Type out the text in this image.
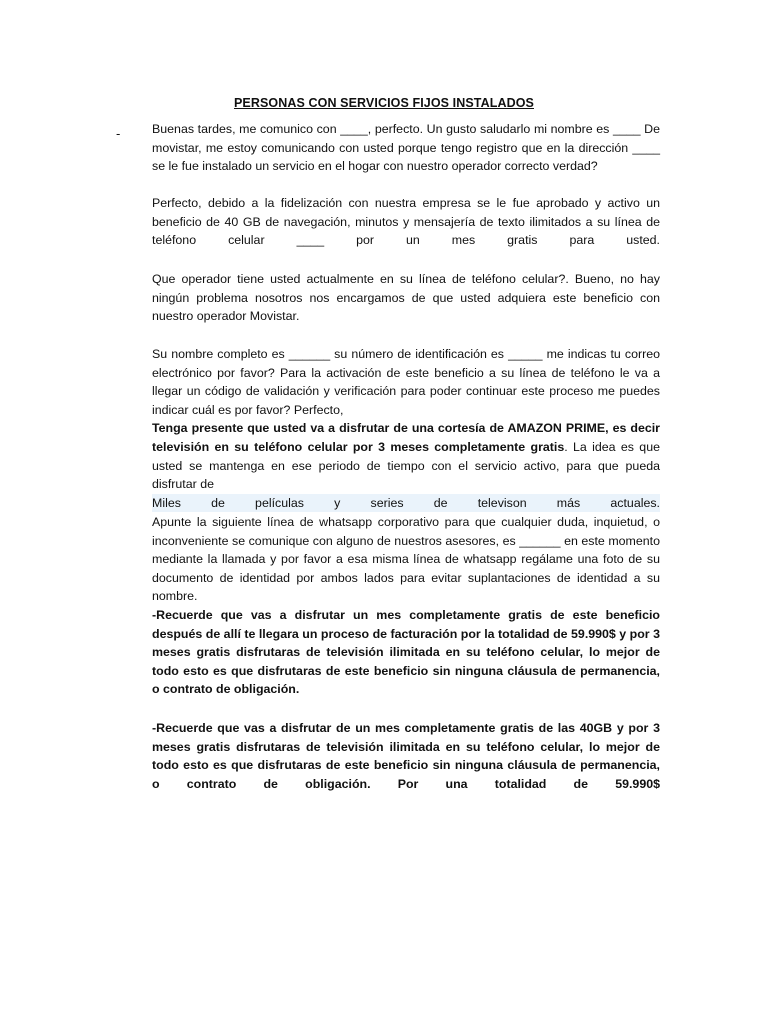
PERSONAS CON SERVICIOS FIJOS INSTALADOS
-	Buenas tardes, me comunico con ____, perfecto. Un gusto saludarlo mi nombre es ____ De movistar, me estoy comunicando con usted porque tengo registro que en la dirección ____ se le fue instalado un servicio en el hogar con nuestro operador correcto verdad?

Perfecto, debido a la fidelización con nuestra empresa se le fue aprobado y activo un beneficio de 40 GB de navegación, minutos y mensajería de texto ilimitados a su línea de teléfono celular ____ por un mes gratis para usted.

Que operador tiene usted actualmente en su línea de teléfono celular?. Bueno, no hay ningún problema nosotros nos encargamos de que usted adquiera este beneficio con nuestro operador Movistar.

Su nombre completo es ______ su número de identificación es _____ me indicas tu correo electrónico por favor? Para la activación de este beneficio a su línea de teléfono le va a llegar un código de validación y verificación para poder continuar este proceso me puedes indicar cuál es por favor? Perfecto,

Tenga presente que usted va a disfrutar de una cortesía de AMAZON PRIME, es decir televisión en su teléfono celular por 3 meses completamente gratis. La idea es que usted se mantenga en ese periodo de tiempo con el servicio activo, para que pueda disfrutar de

Miles de películas y series de televison más actuales.

Apunte la siguiente línea de whatsapp corporativo para que cualquier duda, inquietud, o inconveniente se comunique con alguno de nuestros asesores, es ______ en este momento mediante la llamada y por favor a esa misma línea de whatsapp regálame una foto de su documento de identidad por ambos lados para evitar suplantaciones de identidad a su nombre.

-Recuerde que vas a disfrutar un mes completamente gratis de este beneficio después de allí te llegara un proceso de facturación por la totalidad de 59.990$ y por 3 meses gratis disfrutaras de televisión ilimitada en su teléfono celular, lo mejor de todo esto es que disfrutaras de este beneficio sin ninguna cláusula de permanencia, o contrato de obligación.

-Recuerde que vas a disfrutar de un mes completamente gratis de las 40GB y por 3 meses gratis disfrutaras de televisión ilimitada en su teléfono celular, lo mejor de todo esto es que disfrutaras de este beneficio sin ninguna cláusula de permanencia, o contrato de obligación. Por una totalidad de 59.990$
